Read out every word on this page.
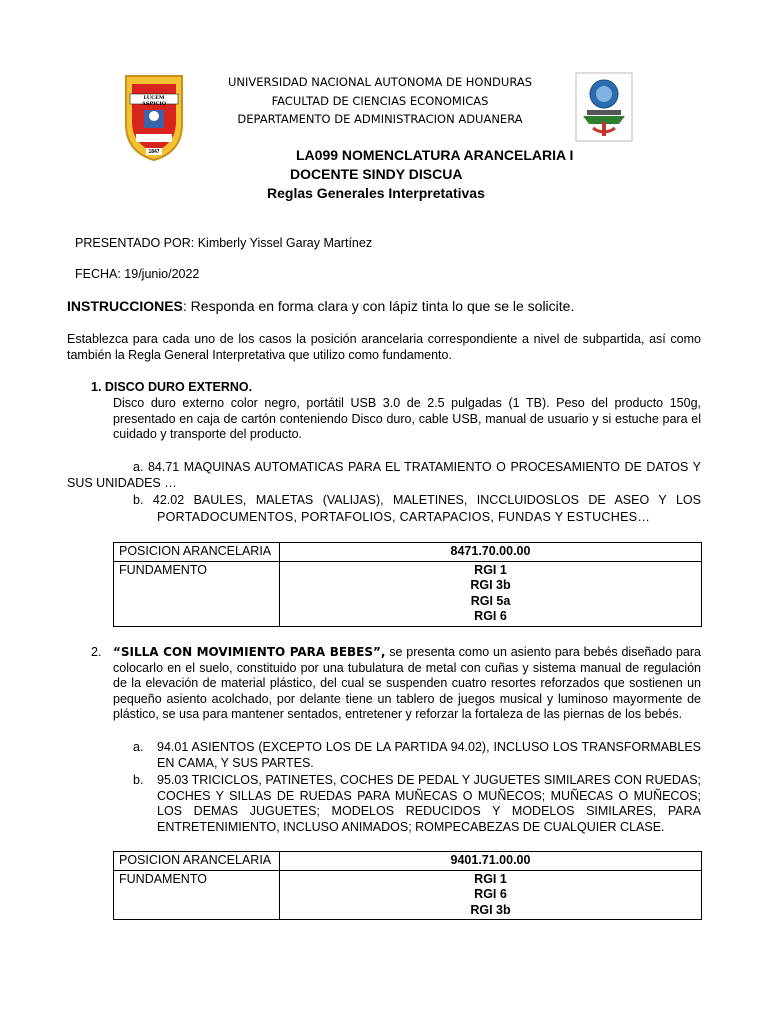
LUCEM ASPICIO
1847
UNIVERSIDAD NACIONAL AUTONOMA DE HONDURAS
FACULTAD DE CIENCIAS ECONOMICAS
DEPARTAMENTO DE ADMINISTRACION ADUANERA
LA099 NOMENCLATURA ARANCELARIA I
DOCENTE SINDY DISCUA
Reglas Generales Interpretativas
PRESENTADO POR: Kimberly Yissel Garay Martínez
FECHA: 19/junio/2022
INSTRUCCIONES: Responda en forma clara y con lápiz tinta lo que se le solicite.
Establezca para cada uno de los casos la posición arancelaria correspondiente a nivel de subpartida, así como también la Regla General Interpretativa que utilizo como fundamento.
1. DISCO DURO EXTERNO.
Disco duro externo color negro, portátil USB 3.0 de 2.5 pulgadas (1 TB). Peso del producto 150g, presentado en caja de cartón conteniendo Disco duro, cable USB, manual de usuario y si estuche para el cuidado y transporte del producto.
a. 84.71 MAQUINAS AUTOMATICAS PARA EL TRATAMIENTO O PROCESAMIENTO DE DATOS Y SUS UNIDADES …
b. 42.02 BAULES, MALETAS (VALIJAS), MALETINES, INCCLUIDOSLOS DE ASEO Y LOS
PORTADOCUMENTOS, PORTAFOLIOS, CARTAPACIOS, FUNDAS Y ESTUCHES…
POSICION ARANCELARIA	8471.70.00.00
FUNDAMENTO	RGI 1
RGI 3b
RGI 5a
RGI 6
2. “SILLA CON MOVIMIENTO PARA BEBES”, se presenta como un asiento para bebés diseñado para colocarlo en el suelo, constituido por una tubulatura de metal con cuñas y sistema manual de regulación de la elevación de material plástico, del cual se suspenden cuatro resortes reforzados que sostienen un pequeño asiento acolchado, por delante tiene un tablero de juegos musical y luminoso mayormente de plástico, se usa para mantener sentados, entretener y reforzar la fortaleza de las piernas de los bebés.
a. 94.01 ASIENTOS (EXCEPTO LOS DE LA PARTIDA 94.02), INCLUSO LOS TRANSFORMABLES EN CAMA, Y SUS PARTES.
b. 95.03 TRICICLOS, PATINETES, COCHES DE PEDAL Y JUGUETES SIMILARES CON RUEDAS; COCHES Y SILLAS DE RUEDAS PARA MUÑECAS O MUÑECOS; MUÑECAS O MUÑECOS; LOS DEMAS JUGUETES; MODELOS REDUCIDOS Y MODELOS SIMILARES, PARA ENTRETENIMIENTO, INCLUSO ANIMADOS; ROMPECABEZAS DE CUALQUIER CLASE.
POSICION ARANCELARIA	9401.71.00.00
FUNDAMENTO	RGI 1
RGI 6
RGI 3b
